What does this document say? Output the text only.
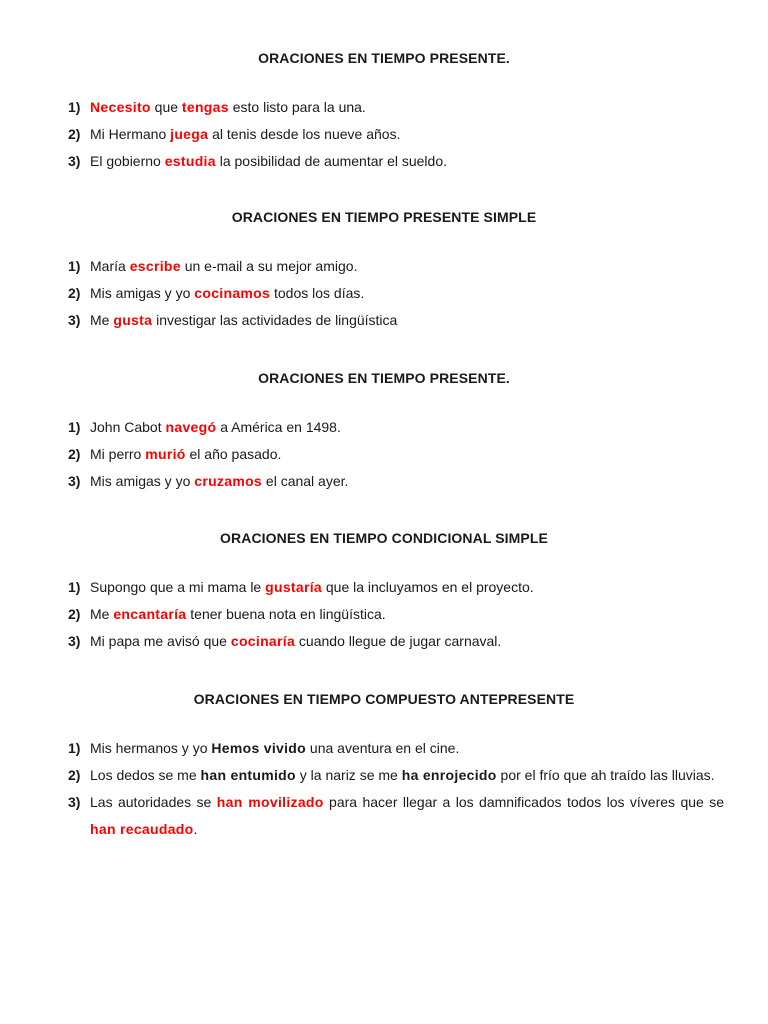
ORACIONES EN TIEMPO PRESENTE.
1) Necesito que tengas esto listo para la una.
2) Mi Hermano juega al tenis desde los nueve años.
3) El gobierno estudia la posibilidad de aumentar el sueldo.
ORACIONES EN TIEMPO PRESENTE SIMPLE
1) María escribe un e-mail a su mejor amigo.
2) Mis amigas y yo cocinamos todos los días.
3) Me gusta investigar las actividades de lingüística
ORACIONES EN TIEMPO PRESENTE.
1) John Cabot navegó a América en 1498.
2) Mi perro murió el año pasado.
3) Mis amigas y yo cruzamos el canal ayer.
ORACIONES EN TIEMPO CONDICIONAL SIMPLE
1) Supongo que a mi mama le gustaría que la incluyamos en el proyecto.
2) Me encantaría tener buena nota en lingüística.
3) Mi papa me avisó que cocinaría cuando llegue de jugar carnaval.
ORACIONES EN TIEMPO COMPUESTO ANTEPRESENTE
1) Mis hermanos y yo Hemos vivido una aventura en el cine.
2) Los dedos se me han entumido y la nariz se me ha enrojecido por el frío que ah traído las lluvias.
3) Las autoridades se han movilizado para hacer llegar a los damnificados todos los víveres que se han recaudado.
